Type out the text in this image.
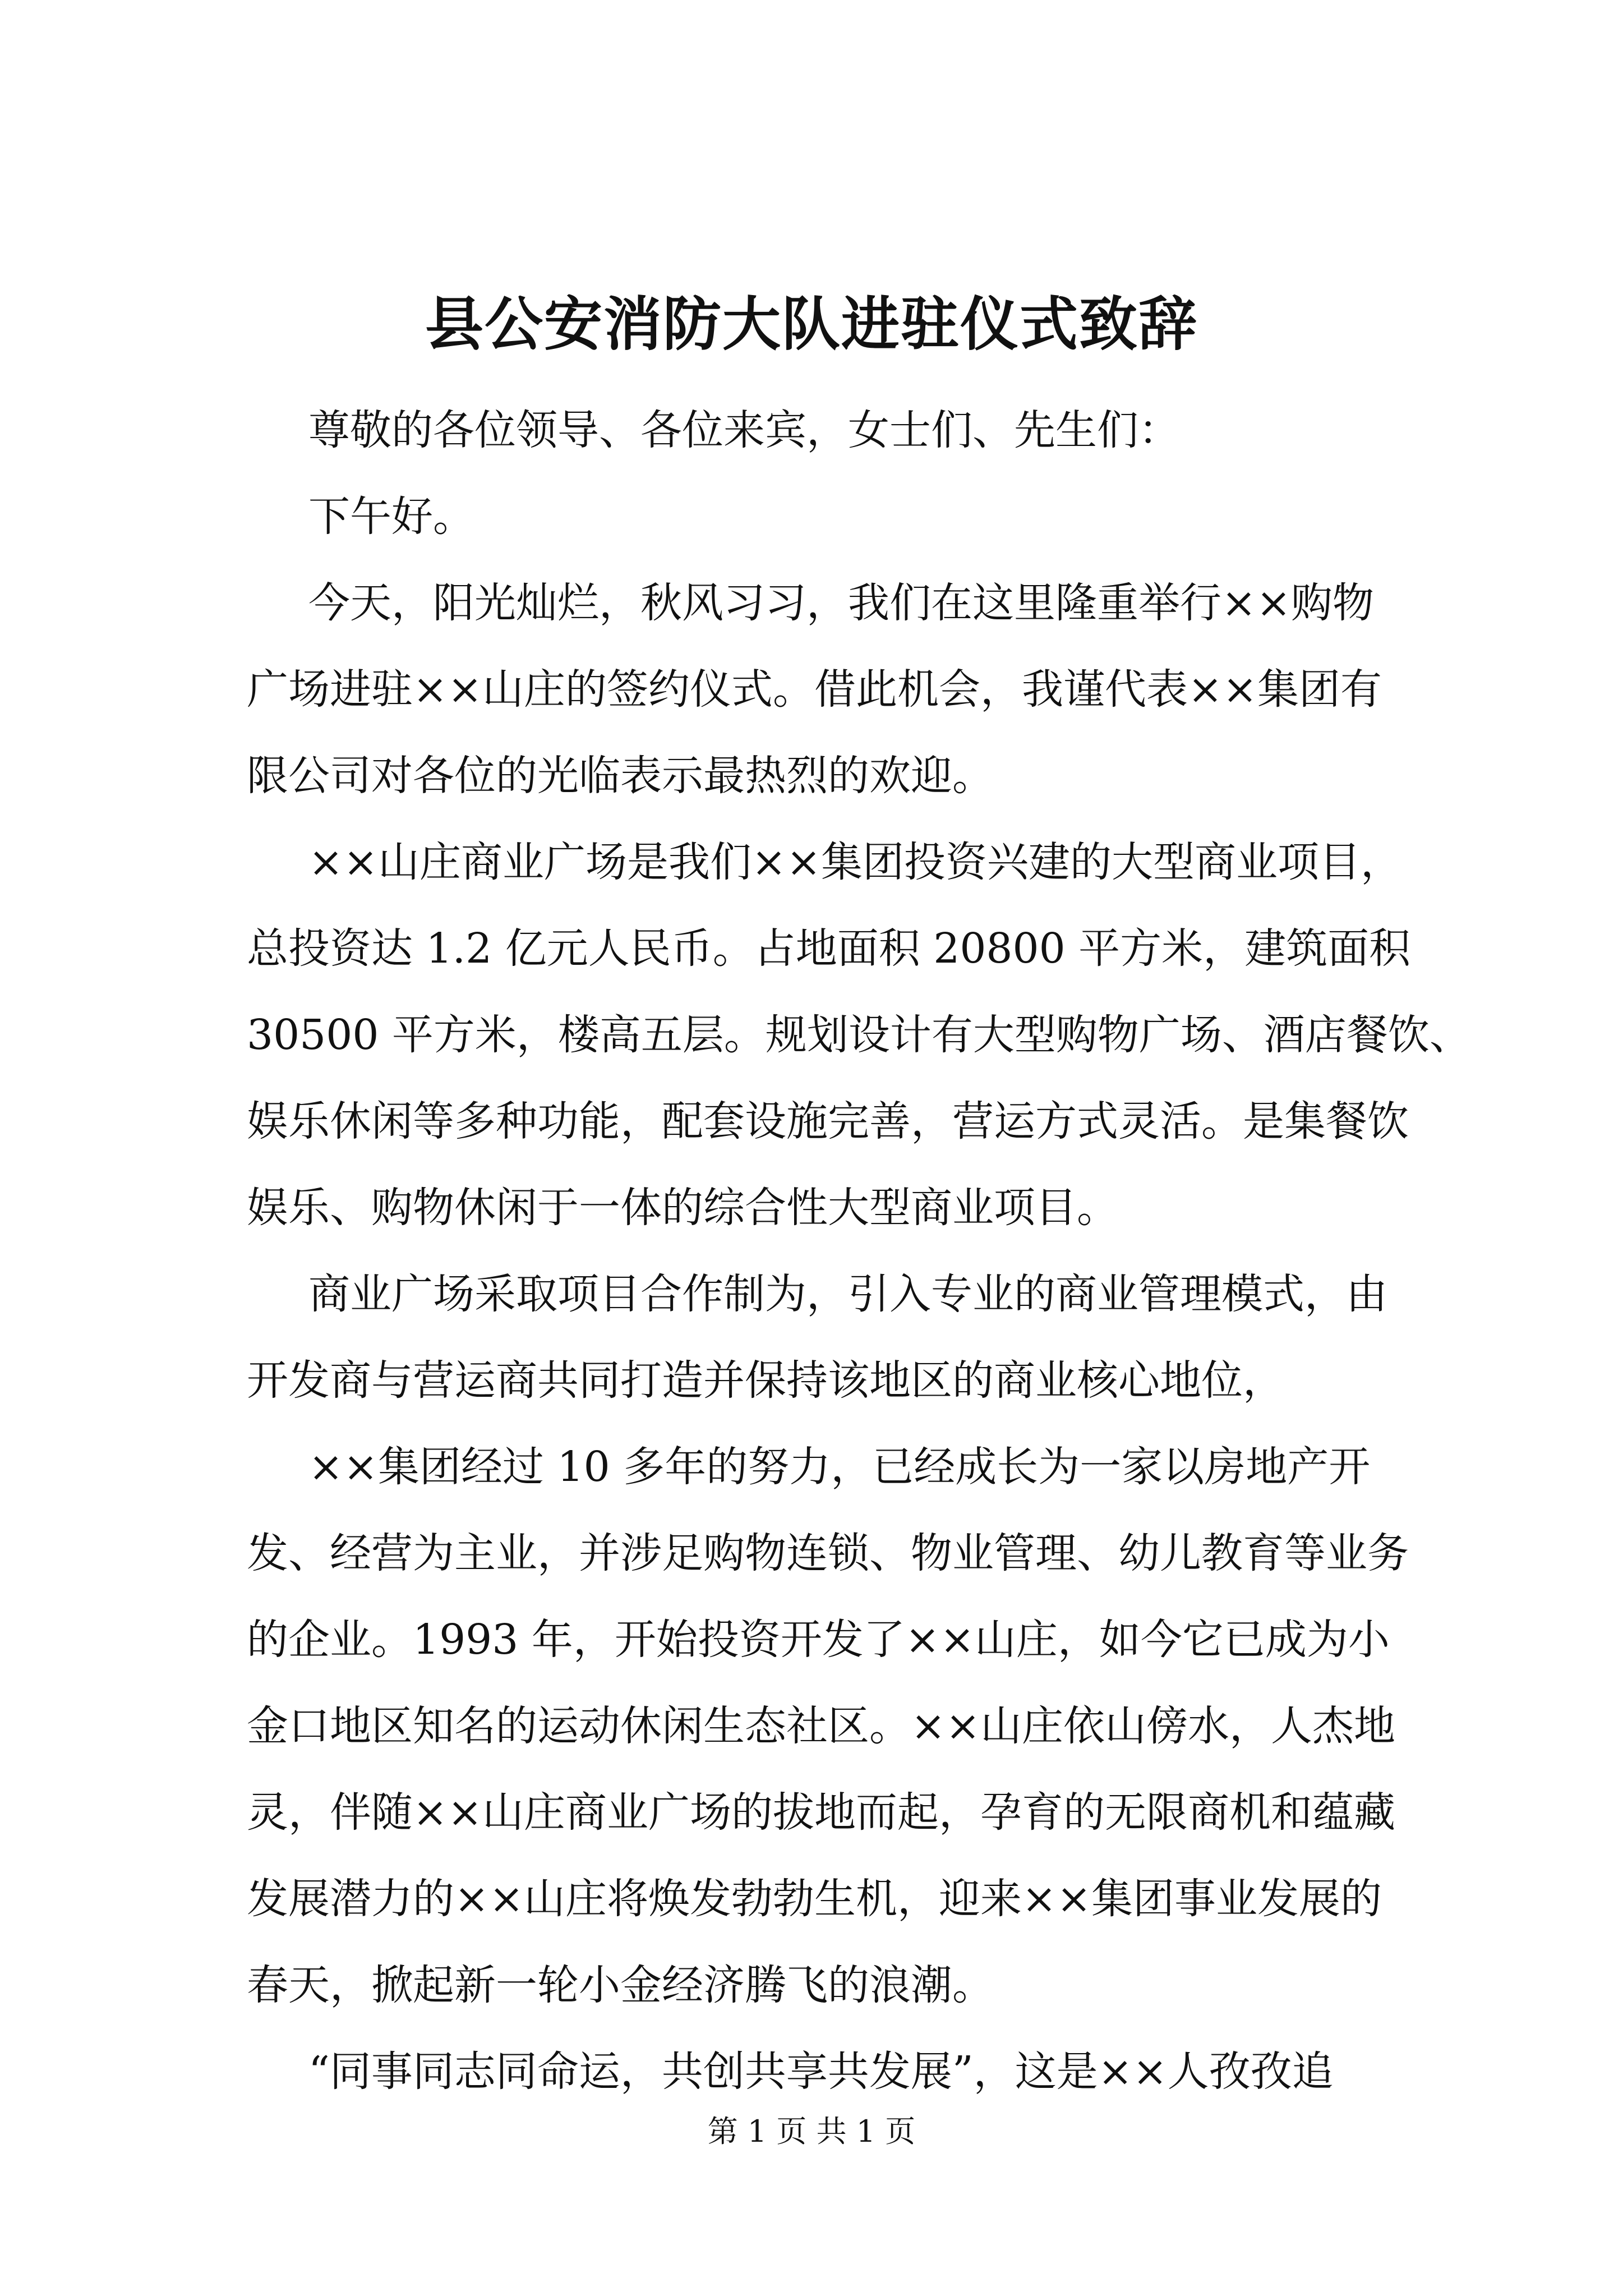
县公安消防大队进驻仪式致辞
尊敬的各位领导、各位来宾，女士们、先生们：
下午好。
今天，阳光灿烂，秋风习习，我们在这里隆重举行××购物
广场进驻××山庄的签约仪式。借此机会，我谨代表××集团有
限公司对各位的光临表示最热烈的欢迎。
××山庄商业广场是我们××集团投资兴建的大型商业项目，
总投资达 1.2 亿元人民币。占地面积 20800 平方米，建筑面积
30500 平方米，楼高五层。规划设计有大型购物广场、酒店餐饮、
娱乐休闲等多种功能，配套设施完善，营运方式灵活。是集餐饮
娱乐、购物休闲于一体的综合性大型商业项目。
商业广场采取项目合作制为，引入专业的商业管理模式，由
开发商与营运商共同打造并保持该地区的商业核心地位，
××集团经过 10 多年的努力，已经成长为一家以房地产开
发、经营为主业，并涉足购物连锁、物业管理、幼儿教育等业务
的企业。1993 年，开始投资开发了××山庄，如今它已成为小
金口地区知名的运动休闲生态社区。××山庄依山傍水，人杰地
灵，伴随××山庄商业广场的拔地而起，孕育的无限商机和蕴藏
发展潜力的××山庄将焕发勃勃生机，迎来××集团事业发展的
春天，掀起新一轮小金经济腾飞的浪潮。
“同事同志同命运，共创共享共发展”，这是××人孜孜追
第 1 页 共 1 页
